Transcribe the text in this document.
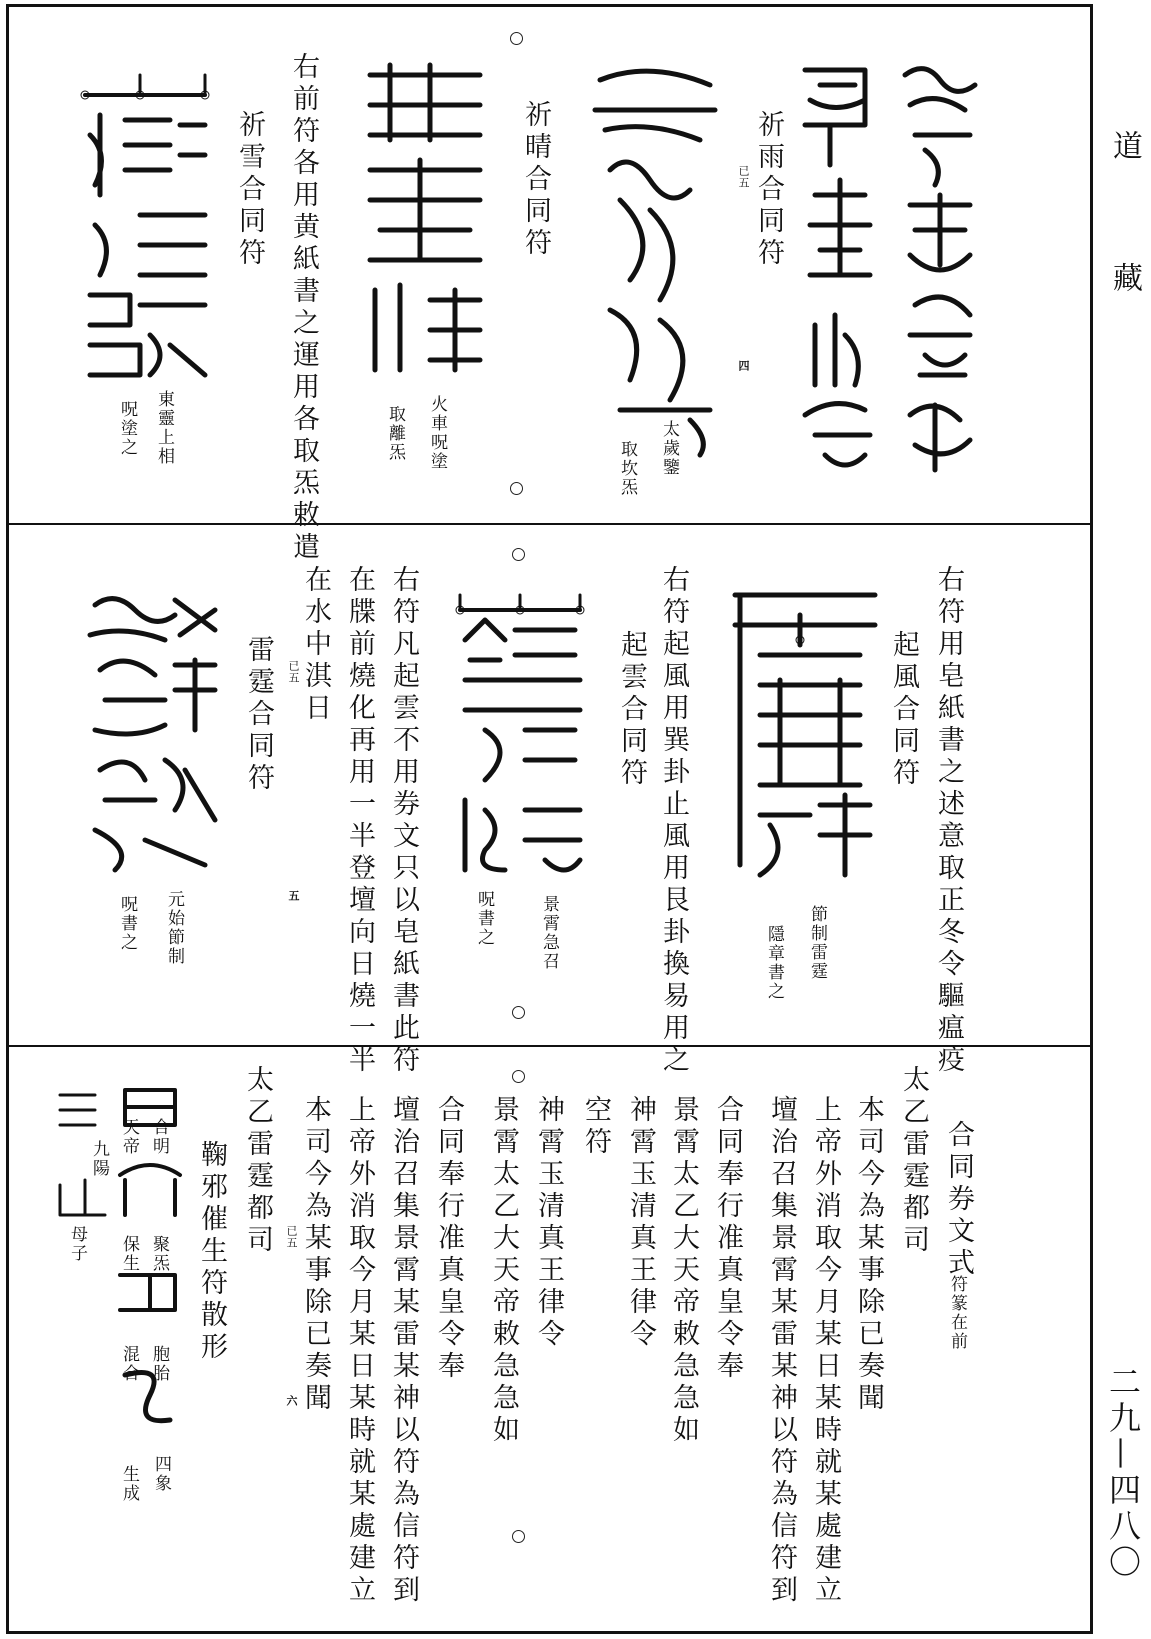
道　　藏
二九—四八〇
祈雨合同符
已五
四
太歲鑒
取坎炁
祈晴合同符
火車呪塗
取離炁
右前符各用黄紙書之運用各取炁敕遣
祈雪合同符
東靈上相
呪塗之
右符用皂紙書之述意取正冬令驅瘟疫
起風合同符
節制雷霆
隱章書之
右符起風用巽卦止風用艮卦換易用之
起雲合同符
景霄急召
呪書之
右符凡起雲不用券文只以皂紙書此符
在牒前燒化再用一半登壇向日燒一半
在水中淇日
已五
五
雷霆合同符
元始節制
呪書之
合同券文式
符篆在前
太乙雷霆都司
本司今為某事除已奏聞
上帝外消取今月某日某時就某處建立
壇治召集景霄某雷某神以符為信符到
合同奉行准真皇令奉
景霄太乙大天帝敕急急如
神霄玉清真王律令
空符
神霄玉清真王律令
景霄太乙大天帝敕急急如
合同奉行准真皇令奉
壇治召集景霄某雷某神以符為信符到
上帝外消取今月某日某時就某處建立
本司今為某事除已奏聞
已五
六
太乙雷霆都司
鞠邪催生符散形
合明
天帝
聚炁
保生
胞胎
混合
四象
生成
九陽
母子
